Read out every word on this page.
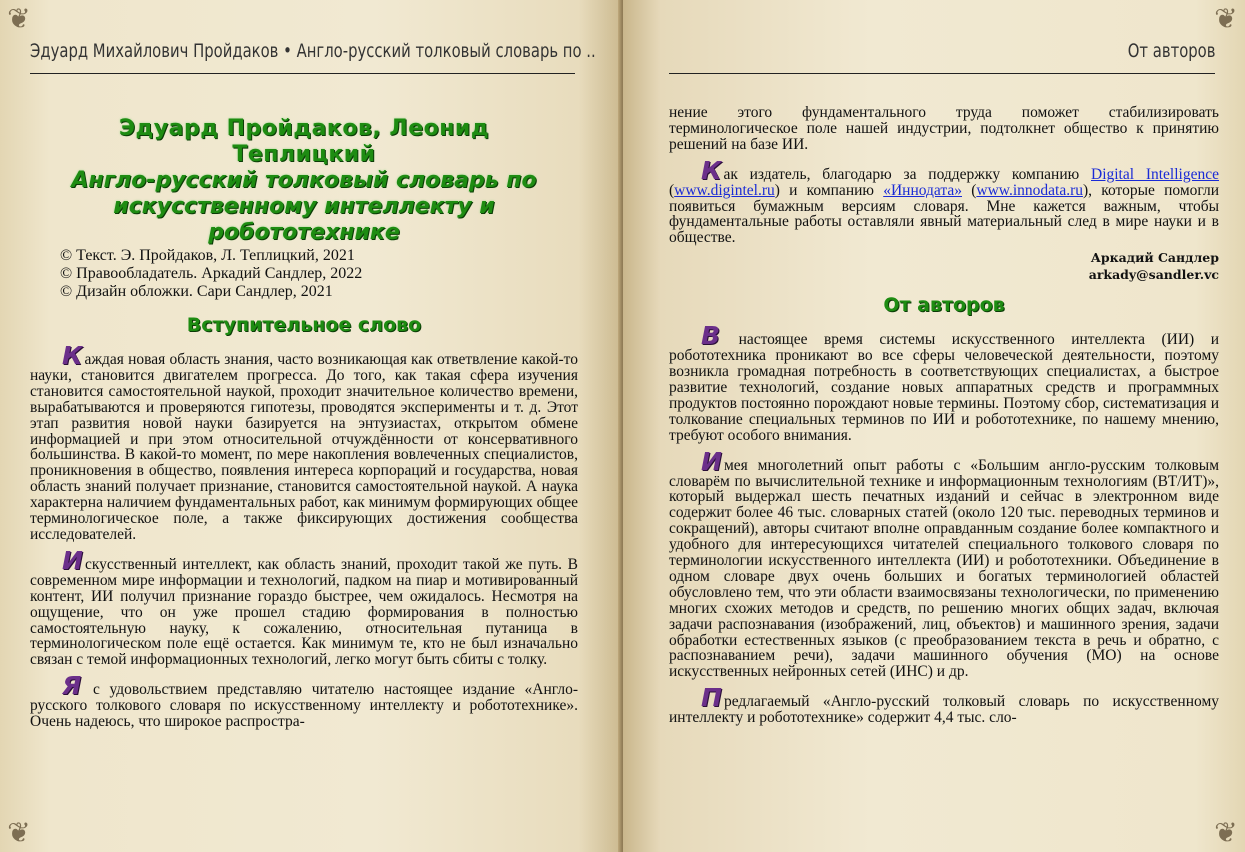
❦
❦
Эдуард Михайлович Пройдаков • Англо-русский толковый словарь по ..
Эдуард Пройдаков, Леонид
Теплицкий
Англо-русский толковый словарь по искусственному интеллекту и робототехнике
© Текст. Э. Пройдаков, Л. Теплицкий, 2021
© Правообладатель. Аркадий Сандлер, 2022
© Дизайн обложки. Сари Сандлер, 2021
Вступительное слово

Каждая новая область знания, часто возникающая как ответвление какой-то науки, становится двигателем прогресса. До того, как такая сфера изучения становится самостоятельной наукой, проходит значительное количество времени, вырабатываются и проверяются гипотезы, проводятся эксперименты и т. д. Этот этап развития новой науки базируется на энтузиастах, открытом обмене информацией и при этом относительной отчуждённости от консервативного большинства. В какой-то момент, по мере накопления вовлеченных специалистов, проникновения в общество, появления интереса корпораций и государства, новая область знаний получает признание, становится самостоятельной наукой. А наука характерна наличием фундаментальных работ, как минимум формирующих общее терминологическое поле, а также фиксирующих достижения сообщества исследователей.

Искусственный интеллект, как область знаний, проходит такой же путь. В современном мире информации и технологий, падком на пиар и мотивированный контент, ИИ получил признание гораздо быстрее, чем ожидалось. Несмотря на ощущение, что он уже прошел стадию формирования в полностью самостоятельную науку, к сожалению, относительная путаница в терминологическом поле ещё остается. Как минимум те, кто не был изначально связан с темой информационных технологий, легко могут быть сбиты с толку.

Я с удовольствием представляю читателю настоящее издание «Англо-русского толкового словаря по искусственному интеллекту и робототехнике». Очень надеюсь, что широкое распростра-

❦
❦
От авторов

нение этого фундаментального труда поможет стабилизировать терминологическое поле нашей индустрии, подтолкнет общество к принятию решений на базе ИИ.

Как издатель, благодарю за поддержку компанию Digital Intelligence (www.digintel.ru) и компанию «Иннодата» (www.innodata.ru), которые помогли появиться бумажным версиям словаря. Мне кажется важным, чтобы фундаментальные работы оставляли явный материальный след в мире науки и в обществе.

Аркадий Сандлер
arkady@sandler.vc
От авторов

В настоящее время системы искусственного интеллекта (ИИ) и робототехника проникают во все сферы человеческой деятельности, поэтому возникла громадная потребность в соответствующих специалистах, а быстрое развитие технологий, создание новых аппаратных средств и программных продуктов постоянно порождают новые термины. Поэтому сбор, систематизация и толкование специальных терминов по ИИ и робототехнике, по нашему мнению, требуют особого внимания.

Имея многолетний опыт работы с «Большим англо-русским толковым словарём по вычислительной технике и информационным технологиям (ВТ/ИТ)», который выдержал шесть печатных изданий и сейчас в электронном виде содержит более 46 тыс. словарных статей (около 120 тыс. переводных терминов и сокращений), авторы считают вполне оправданным создание более компактного и удобного для интересующихся читателей специального толкового словаря по терминологии искусственного интеллекта (ИИ) и робототехники. Объединение в одном словаре двух очень больших и богатых терминологией областей обусловлено тем, что эти области взаимосвязаны технологически, по применению многих схожих методов и средств, по решению многих общих задач, включая задачи распознавания (изображений, лиц, объектов) и машинного зрения, задачи обработки естественных языков (с преобразованием текста в речь и обратно, с распознаванием речи), задачи машинного обучения (МО) на основе искусственных нейронных сетей (ИНС) и др.

Предлагаемый «Англо-русский толковый словарь по искусственному интеллекту и робототехнике» содержит 4,4 тыс. сло-
